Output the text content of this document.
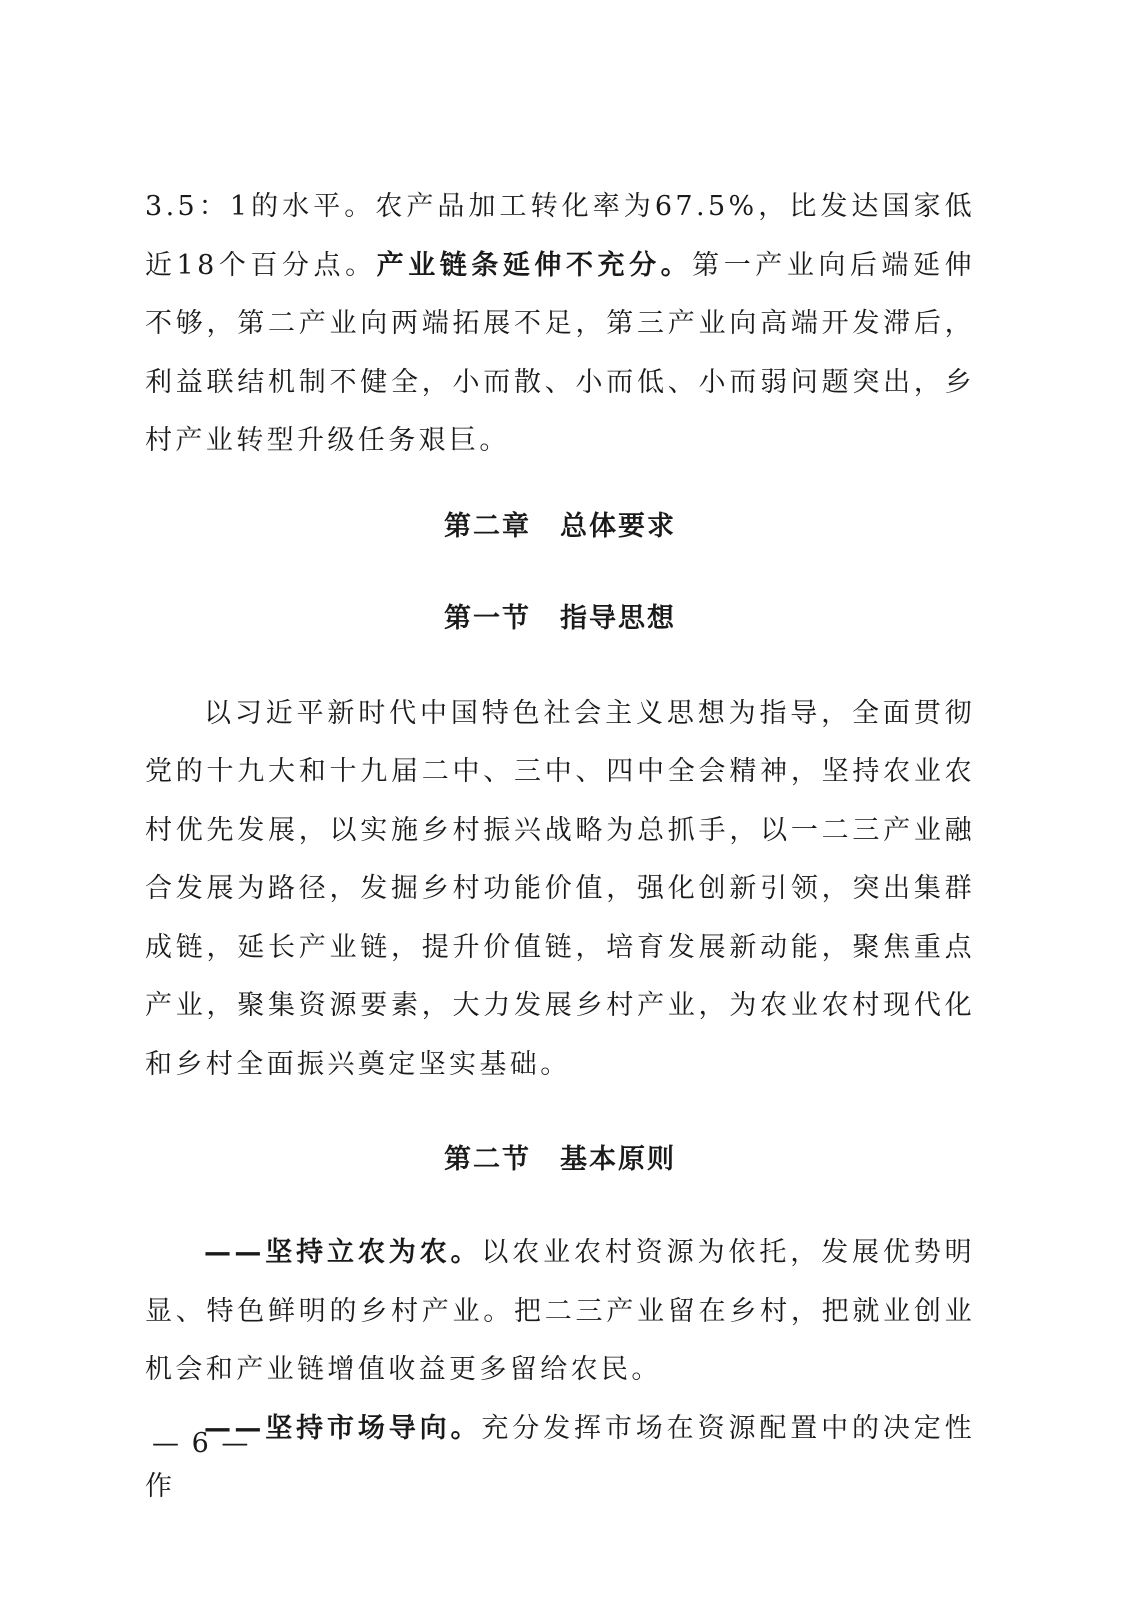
3.5：1的水平。农产品加工转化率为67.5%，比发达国家低近18个百分点。产业链条延伸不充分。第一产业向后端延伸不够，第二产业向两端拓展不足，第三产业向高端开发滞后，利益联结机制不健全，小而散、小而低、小而弱问题突出，乡村产业转型升级任务艰巨。

第二章　总体要求
第一节　指导思想

以习近平新时代中国特色社会主义思想为指导，全面贯彻党的十九大和十九届二中、三中、四中全会精神，坚持农业农村优先发展，以实施乡村振兴战略为总抓手，以一二三产业融合发展为路径，发掘乡村功能价值，强化创新引领，突出集群成链，延长产业链，提升价值链，培育发展新动能，聚焦重点产业，聚集资源要素，大力发展乡村产业，为农业农村现代化和乡村全面振兴奠定坚实基础。

第二节　基本原则

——坚持立农为农。以农业农村资源为依托，发展优势明显、特色鲜明的乡村产业。把二三产业留在乡村，把就业创业机会和产业链增值收益更多留给农民。

——坚持市场导向。充分发挥市场在资源配置中的决定性作

— 6 —
